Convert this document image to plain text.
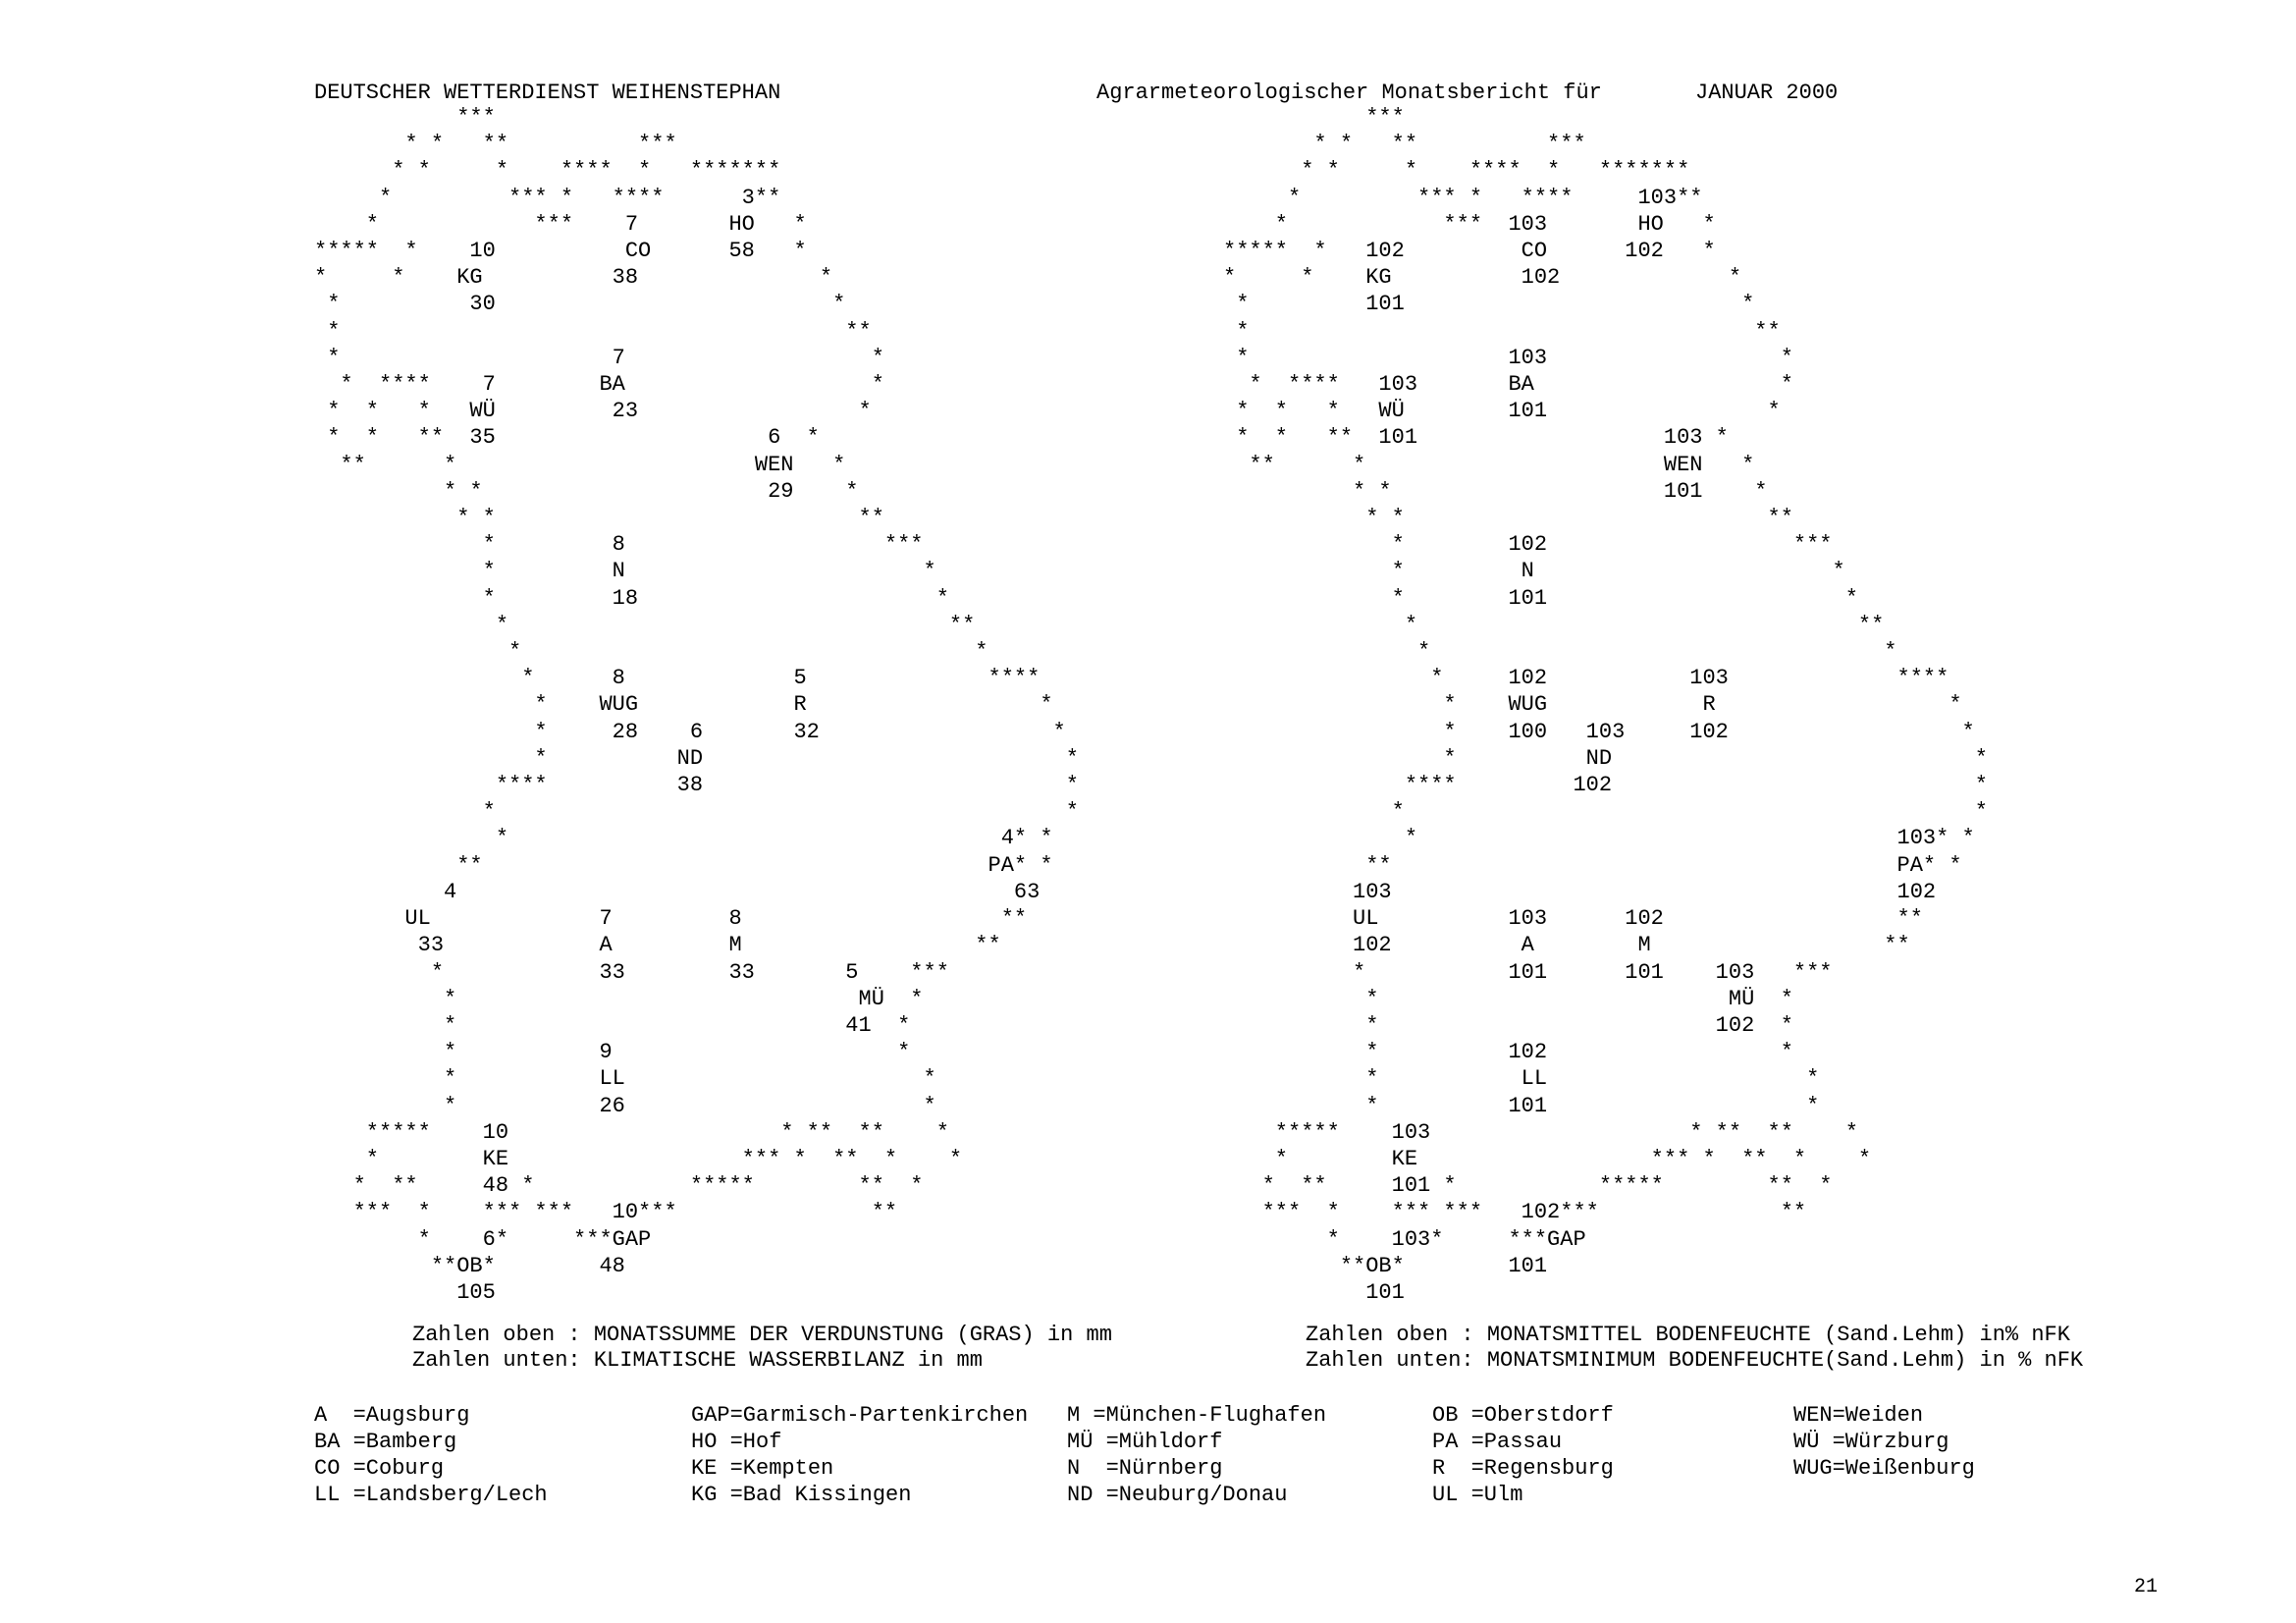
DEUTSCHER WETTERDIENST WEIHENSTEPHAN	Agrarmeteorologischer Monatsbericht für	JANUAR 2000
***
* *   **          ***
* *     *    ****  *   *******
*         *** *   ****      3**
*            ***    7       HO   *
*****  *    10          CO      58   *
*     *    KG          38              *
*          30                          *
*                                       **
*                     7                   *
*  ****    7        BA                   *
*  *   *   WÜ         23                 *
*  *   **  35                     6  *
**      *                       WEN   *
* *                      29    *
* *                            **
*         8                    ***
*         N                       *
*         18                       *
*                                  **
*                                   *
*      8             5              ****
*    WUG            R                  *
*     28    6       32                  *
*          ND                            *
****          38                            *
*                                            *
*                                      4* *
**                                       PA* *
4                                           63
UL             7         8                    **
33            A         M                  **
*            33        33       5    ***
*                               MÜ  *
*                              41  *
*           9                      *
*           LL                       *
*           26                       *
*****    10                     * **  **    *
*        KE                  *** *  **  *    *
*  **     48 *            *****        **  *
***  *    *** ***   10***               **
*    6*     ***GAP
**OB*        48
105
***
* *   **          ***
* *     *    ****  *   *******
*         *** *   ****     103**
*            ***  103       HO   *
*****  *   102         CO      102   *
*     *    KG          102             *
*         101                          *
*                                       **
*                    103                  *
*  ****   103       BA                   *
*  *   *   WÜ        101                 *
*  *   **  101                   103 *
**      *                       WEN   *
* *                     101    *
* *                            **
*        102                   ***
*         N                       *
*        101                       *
*                                  **
*                                   *
*     102           103             ****
*    WUG            R                  *
*    100   103     102                  *
*          ND                            *
****         102                            *
*                                            *
*                                     103* *
**                                       PA* *
103                                       102
UL          103      102                  **
102          A        M                  **
*           101      101    103   ***
*                           MÜ  *
*                          102  *
*          102                  *
*           LL                    *
*          101                    *
*****    103                    * **  **    *
*        KE                  *** *  **  *    *
*  **     101 *           *****        **  *
***  *    *** ***   102***              **
*    103*     ***GAP
**OB*        101
101
Zahlen oben : MONATSSUMME DER VERDUNSTUNG (GRAS) in mm
Zahlen unten: KLIMATISCHE WASSERBILANZ in mm
Zahlen oben : MONATSMITTEL BODENFEUCHTE (Sand.Lehm) in% nFK
Zahlen unten: MONATSMINIMUM BODENFEUCHTE(Sand.Lehm) in % nFK
A  =Augsburg
BA =Bamberg
CO =Coburg
LL =Landsberg/Lech
GAP=Garmisch-Partenkirchen
HO =Hof
KE =Kempten
KG =Bad Kissingen
M =München-Flughafen
MÜ =Mühldorf
N  =Nürnberg
ND =Neuburg/Donau
OB =Oberstdorf
PA =Passau
R  =Regensburg
UL =Ulm
WEN=Weiden
WÜ =Würzburg
WUG=Weißenburg
21
